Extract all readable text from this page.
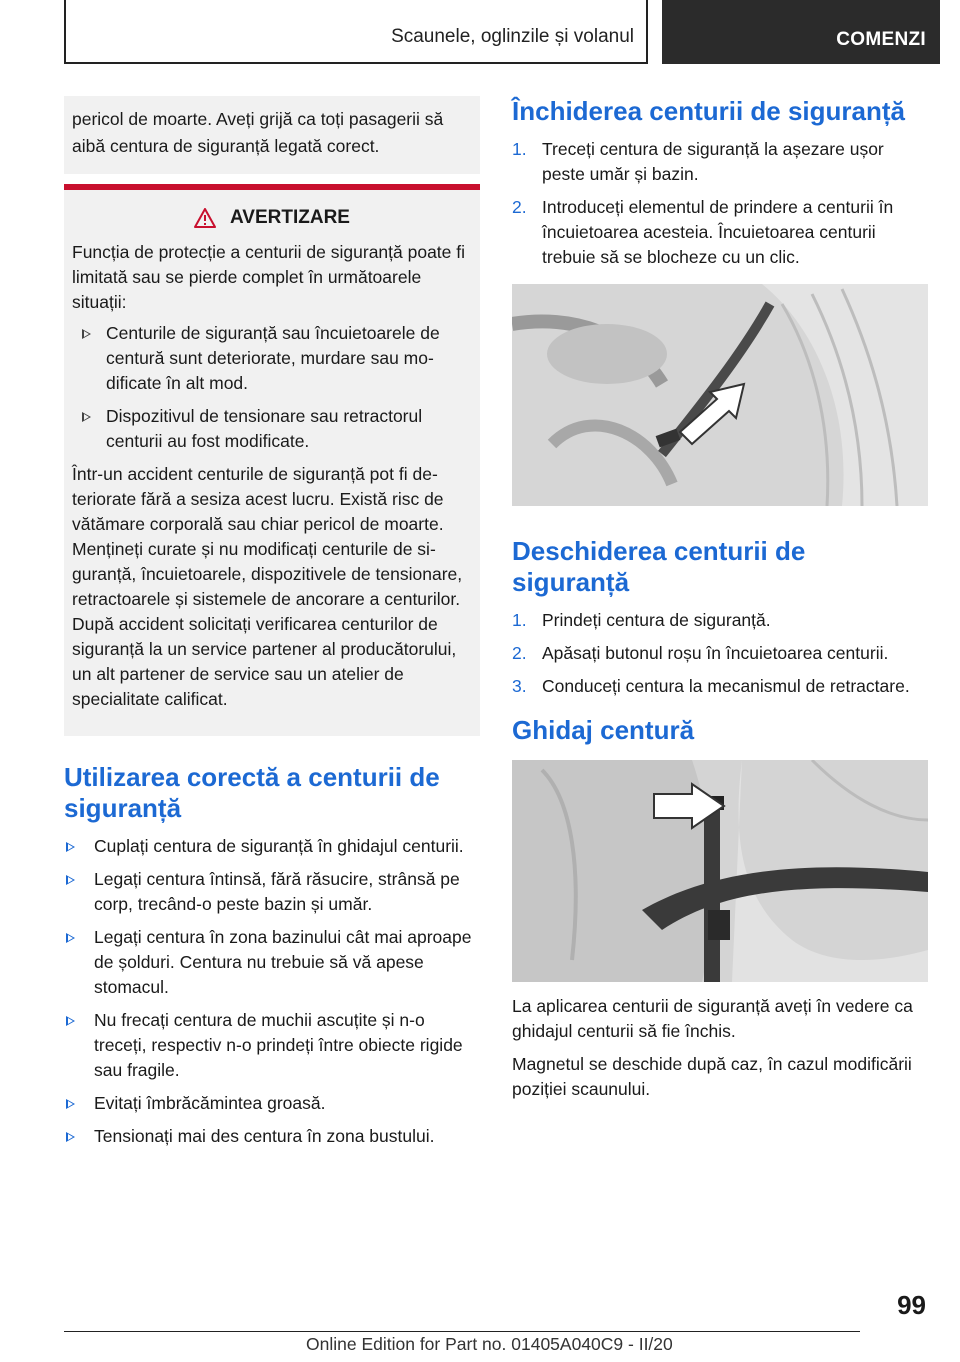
Scaunele, oglinzile și volanul	COMENZI
pericol de moarte. Aveți grijă ca toți pasagerii să aibă centura de siguranță legată corect.
AVERTIZARE

Funcția de protecție a centurii de siguranță poate fi limitată sau se pierde complet în următoarele situații:

Centurile de siguranță sau încuietoarele de centură sunt deteriorate, murdare sau modificate în alt mod.
Dispozitivul de tensionare sau retractorul centurii au fost modificate.

Într-un accident centurile de siguranță pot fi deteriorate fără a sesiza acest lucru. Există risc de vătămare corporală sau chiar pericol de moarte. Mențineți curate și nu modificați centurile de siguranță, încuietoarele, dispozitivele de tensionare, retractoarele și sistemele de ancorare a centurilor. După accident solicitați verificarea centurilor de siguranță la un service partener al producătorului, un alt partener de service sau un atelier de specialitate calificat.

Utilizarea corectă a centurii de siguranță
Cuplați centura de siguranță în ghidajul centurii.
Legați centura întinsă, fără răsucire, strânsă pe corp, trecând-o peste bazin și umăr.
Legați centura în zona bazinului cât mai aproape de șolduri. Centura nu trebuie să vă apese stomacul.
Nu frecați centura de muchii ascuțite și n-o treceți, respectiv n-o prindeți între obiecte rigide sau fragile.
Evitați îmbrăcămintea groasă.
Tensionați mai des centura în zona bustului.
Închiderea centurii de siguranță
1. Treceți centura de siguranță la așezare ușor peste umăr și bazin.
2. Introduceți elementul de prindere a centurii în încuietoarea acesteia. Încuietoarea centurii trebuie să se blocheze cu un clic.
Deschiderea centurii de siguranță
1. Prindeți centura de siguranță.
2. Apăsați butonul roșu în încuietoarea centurii.
3. Conduceți centura la mecanismul de retractare.
Ghidaj centură

La aplicarea centurii de siguranță aveți în vedere ca ghidajul centurii să fie închis.

Magnetul se deschide după caz, în cazul modificării poziției scaunului.

99
Online Edition for Part no. 01405A040C9 - II/20
